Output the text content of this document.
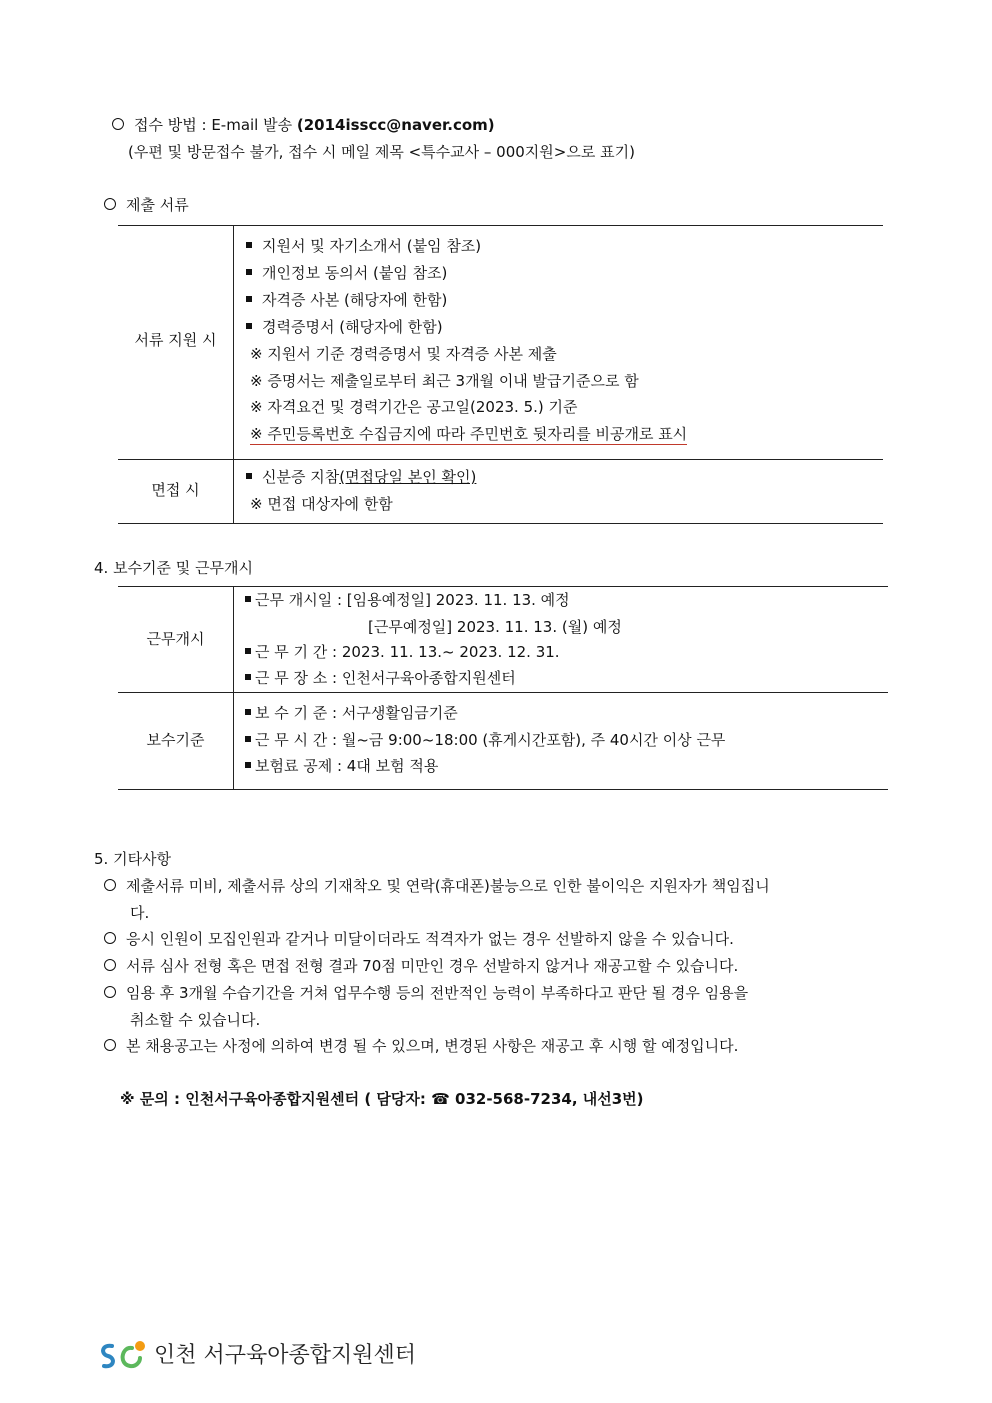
접수 방법 : E-mail 발송 (2014isscc@naver.com)
(우편 및 방문접수 불가, 접수 시 메일 제목 <특수교사 – 000지원>으로 표기)
제출 서류
서류 지원 시
지원서 및 자기소개서 (붙임 참조)
개인정보 동의서 (붙임 참조)
자격증 사본 (해당자에 한함)
경력증명서 (해당자에 한함)
※ 지원서 기준 경력증명서 및 자격증 사본 제출
※ 증명서는 제출일로부터 최근 3개월 이내 발급기준으로 함
※ 자격요건 및 경력기간은 공고일(2023. 5.) 기준
※ 주민등록번호 수집금지에 따라 주민번호 뒷자리를 비공개로 표시
면접 시
신분증 지참(면접당일 본인 확인)
※ 면접 대상자에 한함
4. 보수기준 및 근무개시
근무개시
근무 개시일 : [임용예정일] 2023. 11. 13. 예정
[근무예정일] 2023. 11. 13. (월) 예정
근 무 기 간 : 2023. 11. 13.~ 2023. 12. 31.
근 무 장 소 : 인천서구육아종합지원센터
보수기준
보 수 기 준 : 서구생활임금기준
근 무 시 간 : 월~금 9:00~18:00 (휴게시간포함), 주 40시간 이상 근무
보험료 공제 : 4대 보험 적용
5. 기타사항
제출서류 미비, 제출서류 상의 기재착오 및 연락(휴대폰)불능으로 인한 불이익은 지원자가 책임집니
다.
응시 인원이 모집인원과 같거나 미달이더라도 적격자가 없는 경우 선발하지 않을 수 있습니다.
서류 심사 전형 혹은 면접 전형 결과 70점 미만인 경우 선발하지 않거나 재공고할 수 있습니다.
임용 후 3개월 수습기간을 거쳐 업무수행 등의 전반적인 능력이 부족하다고 판단 될 경우 임용을
취소할 수 있습니다.
본 채용공고는 사정에 의하여 변경 될 수 있으며, 변경된 사항은 재공고 후 시행 할 예정입니다.
※ 문의 : 인천서구육아종합지원센터 ( 담당자: ☎ 032-568-7234, 내선3번)
인천 서구육아종합지원센터
